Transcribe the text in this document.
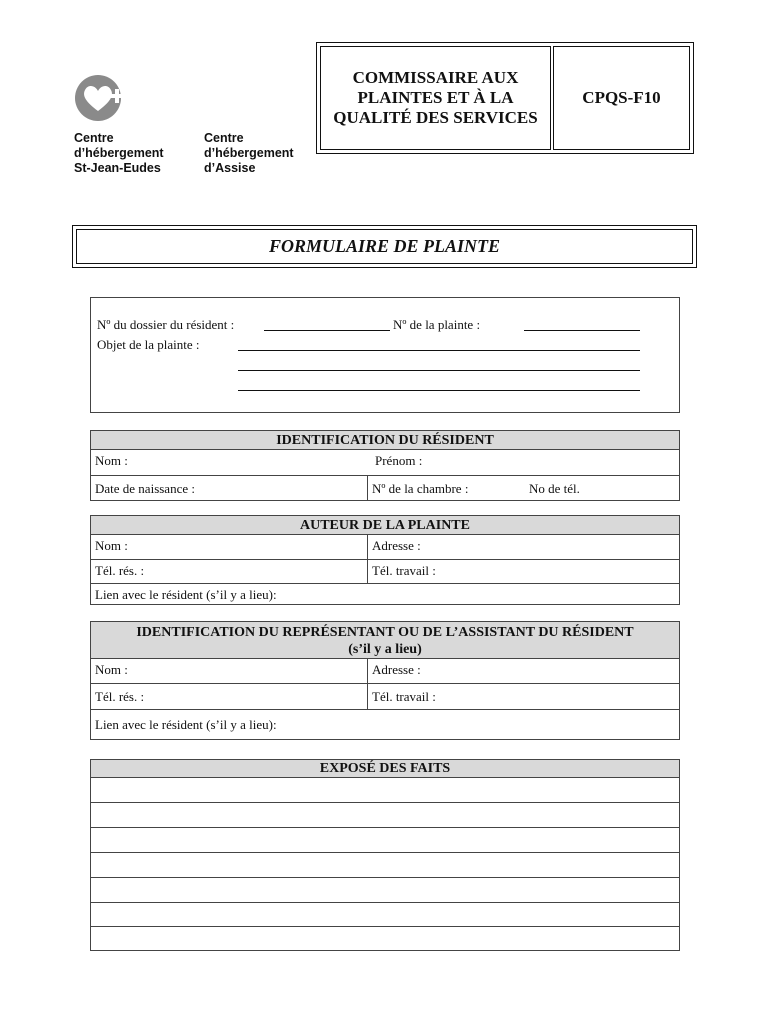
Centre
d’hébergement
St-Jean-Eudes
Centre
d’hébergement
d’Assise
COMMISSAIRE AUX
PLAINTES ET À LA
QUALITÉ DES SERVICES
CPQS-F10
FORMULAIRE DE PLAINTE
Nº du dossier du résident :	Nº de la plainte :
Objet de la plainte :
IDENTIFICATION DU RÉSIDENT
Nom :	Prénom :
Date de naissance :	Nº de la chambre :	No de tél.
AUTEUR DE LA PLAINTE
Nom :	Adresse :
Tél. rés. :	Tél. travail :
Lien avec le résident (s’il y a lieu):
IDENTIFICATION DU REPRÉSENTANT OU DE L’ASSISTANT DU RÉSIDENT
(s’il y a lieu)
Nom :	Adresse :
Tél. rés. :	Tél. travail :
Lien avec le résident (s’il y a lieu):
EXPOSÉ DES FAITS
